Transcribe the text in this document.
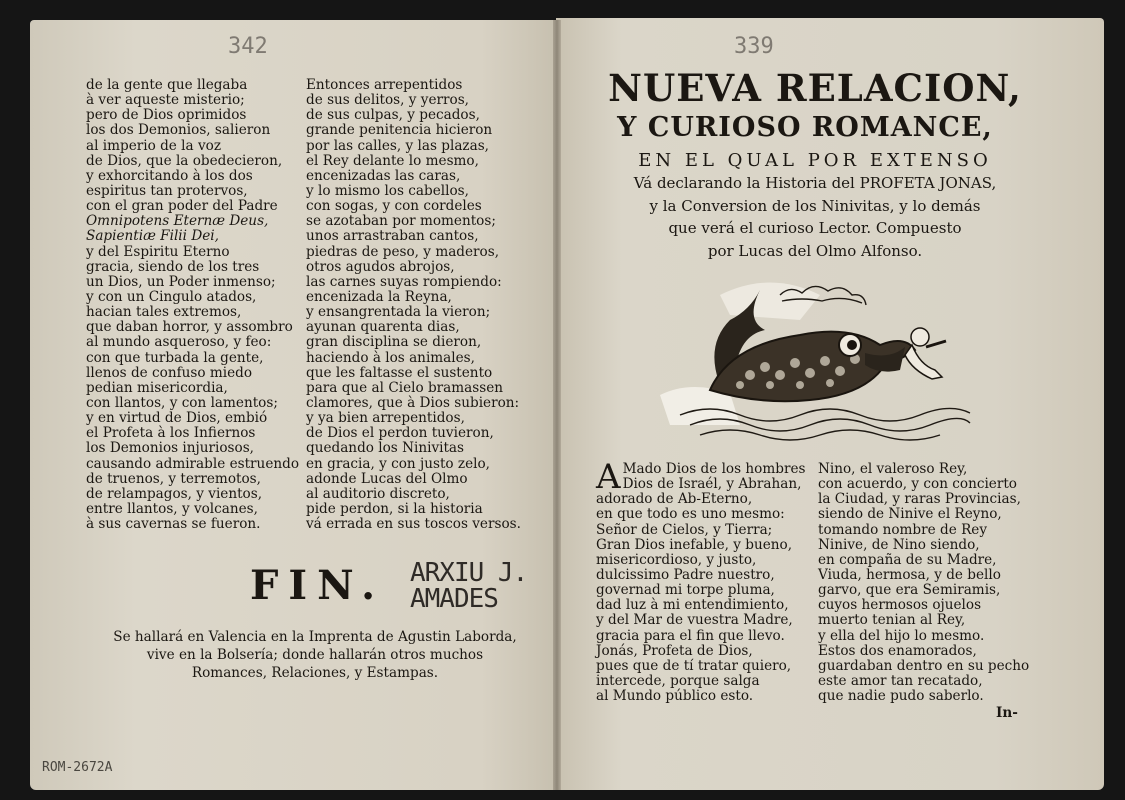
342
de la gente que llegaba
à ver aqueste misterio;
pero de Dios oprimidos
los dos Demonios, salieron
al imperio de la voz
de Dios, que la obedecieron,
y exhorcitando à los dos
espiritus tan protervos,
con el gran poder del Padre
Omnipotens Eternæ Deus,
Sapientiæ Filii Dei,
y del Espiritu Eterno
gracia, siendo de los tres
un Dios, un Poder inmenso;
y con un Cingulo atados,
hacian tales extremos,
que daban horror, y assombro
al mundo asqueroso, y feo:
con que turbada la gente,
llenos de confuso miedo
pedian misericordia,
con llantos, y con lamentos;
y en virtud de Dios, embió
el Profeta à los Infiernos
los Demonios injuriosos,
causando admirable estruendo
de truenos, y terremotos,
de relampagos, y vientos,
entre llantos, y volcanes,
à sus cavernas se fueron.
Entonces arrepentidos
de sus delitos, y yerros,
de sus culpas, y pecados,
grande penitencia hicieron
por las calles, y las plazas,
el Rey delante lo mesmo,
encenizadas las caras,
y lo mismo los cabellos,
con sogas, y con cordeles
se azotaban por momentos;
unos arrastraban cantos,
piedras de peso, y maderos,
otros agudos abrojos,
las carnes suyas rompiendo:
encenizada la Reyna,
y ensangrentada la vieron;
ayunan quarenta dias,
gran disciplina se dieron,
haciendo à los animales,
que les faltasse el sustento
para que al Cielo bramassen
clamores, que à Dios subieron:
y ya bien arrepentidos,
de Dios el perdon tuvieron,
quedando los Ninivitas
en gracia, y con justo zelo,
adonde Lucas del Olmo
al auditorio discreto,
pide perdon, si la historia
vá errada en sus toscos versos.
FIN. ARXIU J.
AMADES
Se hallará en Valencia en la Imprenta de Agustin Laborda,
vive en la Bolsería; donde hallarán otros muchos
Romances, Relaciones, y Estampas.
ROM-2672A
339
NUEVA RELACION,
Y CURIOSO ROMANCE,
EN EL QUAL POR EXTENSO
Vá declarando la Historia del PROFETA JONAS,
y la Conversion de los Ninivitas, y lo demás
que verá el curioso Lector. Compuesto
por Lucas del Olmo Alfonso.
A Mado Dios de los hombres
Dios de Israél, y Abrahan,
adorado de Ab-Eterno,
en que todo es uno mesmo:
Señor de Cielos, y Tierra;
Gran Dios inefable, y bueno,
misericordioso, y justo,
dulcissimo Padre nuestro,
governad mi torpe pluma,
dad luz à mi entendimiento,
y del Mar de vuestra Madre,
gracia para el fin que llevo.
Jonás, Profeta de Dios,
pues que de tí tratar quiero,
intercede, porque salga
al Mundo público esto.
Nino, el valeroso Rey,
con acuerdo, y con concierto
la Ciudad, y raras Provincias,
siendo de Ninive el Reyno,
tomando nombre de Rey
Ninive, de Nino siendo,
en compaña de su Madre,
Viuda, hermosa, y de bello
garvo, que era Semiramis,
cuyos hermosos ojuelos
muerto tenian al Rey,
y ella del hijo lo mesmo.
Estos dos enamorados,
guardaban dentro en su pecho
este amor tan recatado,
que nadie pudo saberlo.
In-
